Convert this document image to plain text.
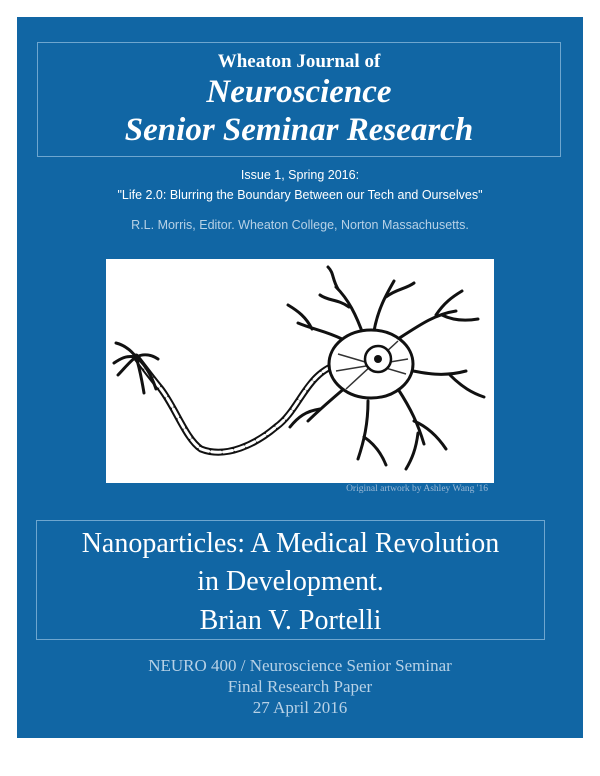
Wheaton Journal of
Neuroscience
Senior Seminar Research
Issue 1, Spring 2016:
"Life 2.0: Blurring the Boundary Between our Tech and Ourselves"
R.L. Morris, Editor. Wheaton College, Norton Massachusetts.
Original artwork by Ashley Wang '16
Nanoparticles: A Medical Revolution
in Development.
Brian V. Portelli
NEURO 400 / Neuroscience Senior Seminar
Final Research Paper
27 April 2016
